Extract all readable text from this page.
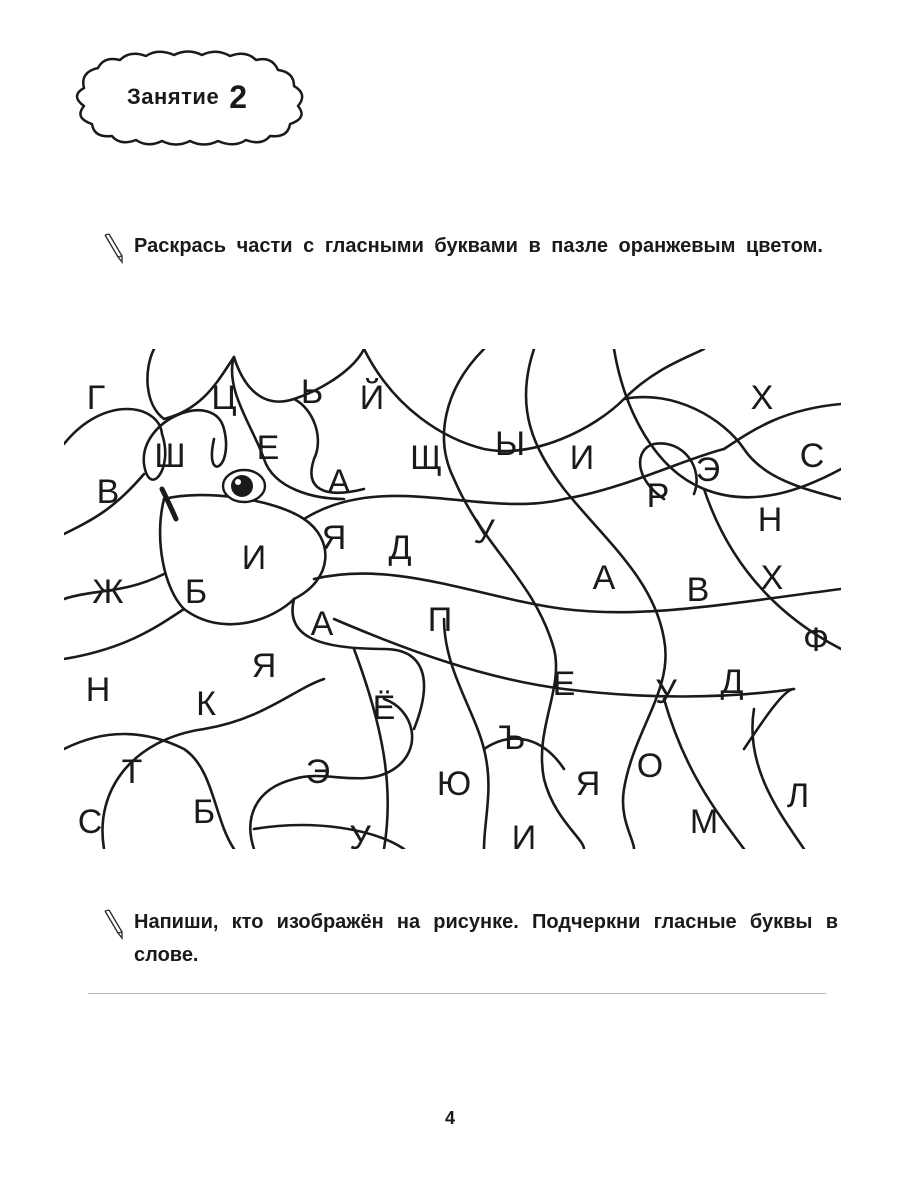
Занятие 2
Раскрась части с гласными буквами в пазле оранжевым цветом.
Г	Ц Ь Й	Х
Ш Е	Щ Ы И	С
А	Э
В	Р
Н
Я Д У
И
Ж Б
А
В Х
А
П
Ф
Я
Н	К	Ё
Е У Д
Ъ
Т	Э	Ю	Я О
С	Б
У	И	М
Л
Напиши, кто изображён на рисунке. Подчеркни гласные буквы в слове.
4
